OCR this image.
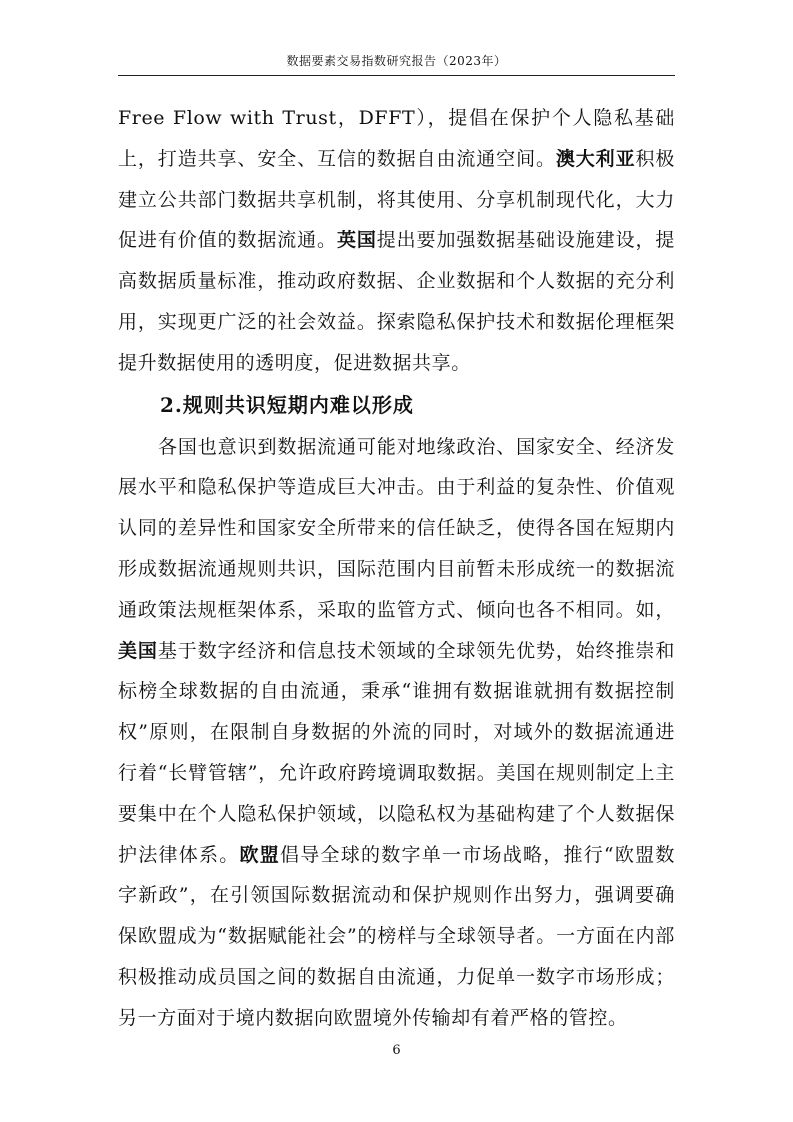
数据要素交易指数研究报告（2023年）

Free Flow with Trust，DFFT），提倡在保护个人隐私基础上，打造共享、安全、互信的数据自由流通空间。澳大利亚积极建立公共部门数据共享机制，将其使用、分享机制现代化，大力促进有价值的数据流通。英国提出要加强数据基础设施建设，提高数据质量标准，推动政府数据、企业数据和个人数据的充分利用，实现更广泛的社会效益。探索隐私保护技术和数据伦理框架提升数据使用的透明度，促进数据共享。

2.规则共识短期内难以形成

各国也意识到数据流通可能对地缘政治、国家安全、经济发展水平和隐私保护等造成巨大冲击。由于利益的复杂性、价值观认同的差异性和国家安全所带来的信任缺乏，使得各国在短期内形成数据流通规则共识，国际范围内目前暂未形成统一的数据流通政策法规框架体系，采取的监管方式、倾向也各不相同。如，美国基于数字经济和信息技术领域的全球领先优势，始终推崇和标榜全球数据的自由流通，秉承“谁拥有数据谁就拥有数据控制权”原则，在限制自身数据的外流的同时，对域外的数据流通进行着“长臂管辖”，允许政府跨境调取数据。美国在规则制定上主要集中在个人隐私保护领域，以隐私权为基础构建了个人数据保护法律体系。欧盟倡导全球的数字单一市场战略，推行“欧盟数字新政”，在引领国际数据流动和保护规则作出努力，强调要确保欧盟成为“数据赋能社会”的榜样与全球领导者。一方面在内部积极推动成员国之间的数据自由流通，力促单一数字市场形成；另一方面对于境内数据向欧盟境外传输却有着严格的管控。

6
